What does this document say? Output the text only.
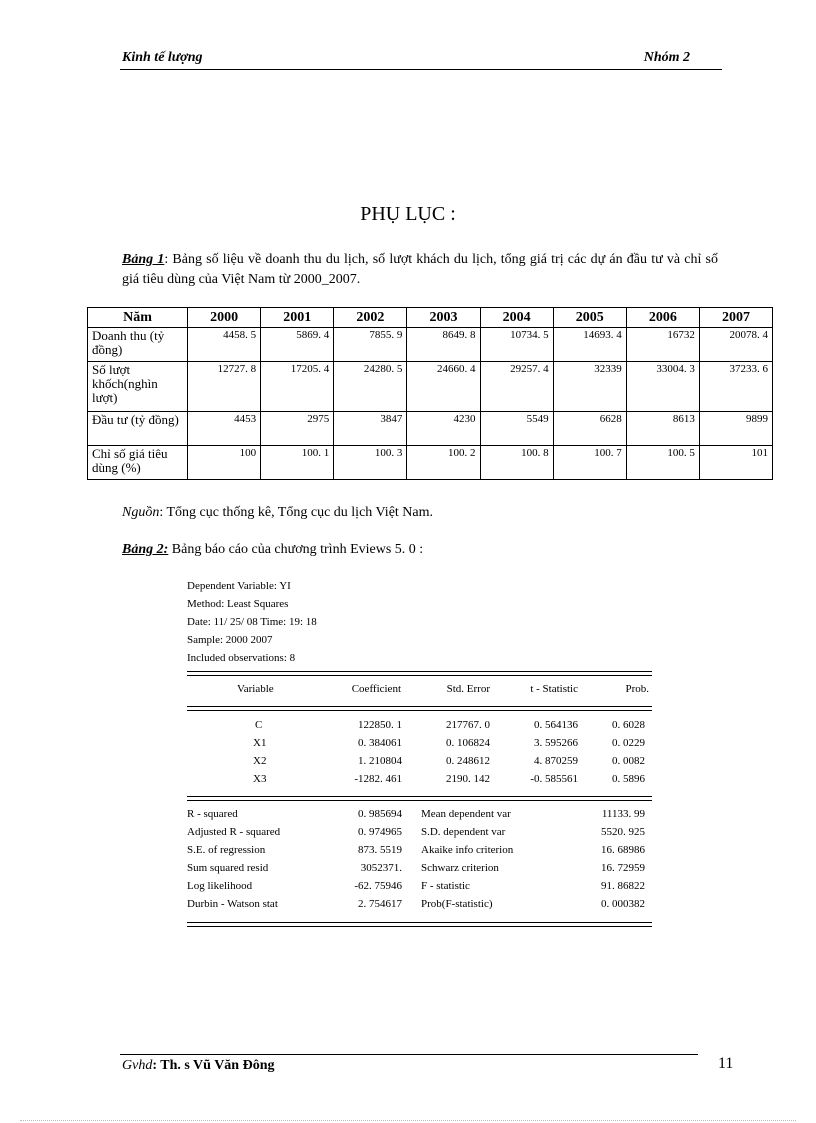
Kinh tế lượng	Nhóm 2
PHỤ LỤC :
Bảng 1: Bảng số liệu về doanh thu du lịch, số lượt khách du lịch, tổng giá trị các dự án đầu tư và chỉ số giá tiêu dùng của Việt Nam từ 2000_2007.
Năm	2000	2001	2002	2003	2004	2005	2006	2007
Doanh thu (tỷ đồng)	4458. 5	5869. 4	7855. 9	8649. 8	10734. 5	14693. 4	16732	20078. 4
Số lượt khốch(nghìn lượt)	12727. 8	17205. 4	24280. 5	24660. 4	29257. 4	32339	33004. 3	37233. 6
Đầu tư (tỷ đồng)	4453	2975	3847	4230	5549	6628	8613	9899
Chỉ số giá tiêu dùng (%)	100	100. 1	100. 3	100. 2	100. 8	100. 7	100. 5	101
Nguồn: Tổng cục thống kê, Tổng cục du lịch Việt Nam.
Bảng 2: Bảng báo cáo của chương trình Eviews 5. 0 :
Dependent Variable: YI
Method: Least Squares
Date: 11/ 25/ 08 Time: 19: 18
Sample: 2000 2007
Included observations: 8
Variable	Coefficient	Std. Error	t - Statistic	Prob.
C	122850. 1	217767. 0	0. 564136	0. 6028
X1	0. 384061	0. 106824	3. 595266	0. 0229
X2	1. 210804	0. 248612	4. 870259	0. 0082
X3	-1282. 461	2190. 142	-0. 585561	0. 5896
R - squared	0. 985694 Mean dependent var	11133. 99
Adjusted R - squared	0. 974965 S.D. dependent var	5520. 925
S.E. of regression	873. 5519 Akaike info criterion	16. 68986
Sum squared resid	3052371. Schwarz criterion	16. 72959
Log likelihood	-62. 75946 F - statistic	91. 86822
Durbin - Watson stat	2. 754617 Prob(F-statistic)	0. 000382
Gvhd: Th. s Vũ Văn Đông	11
